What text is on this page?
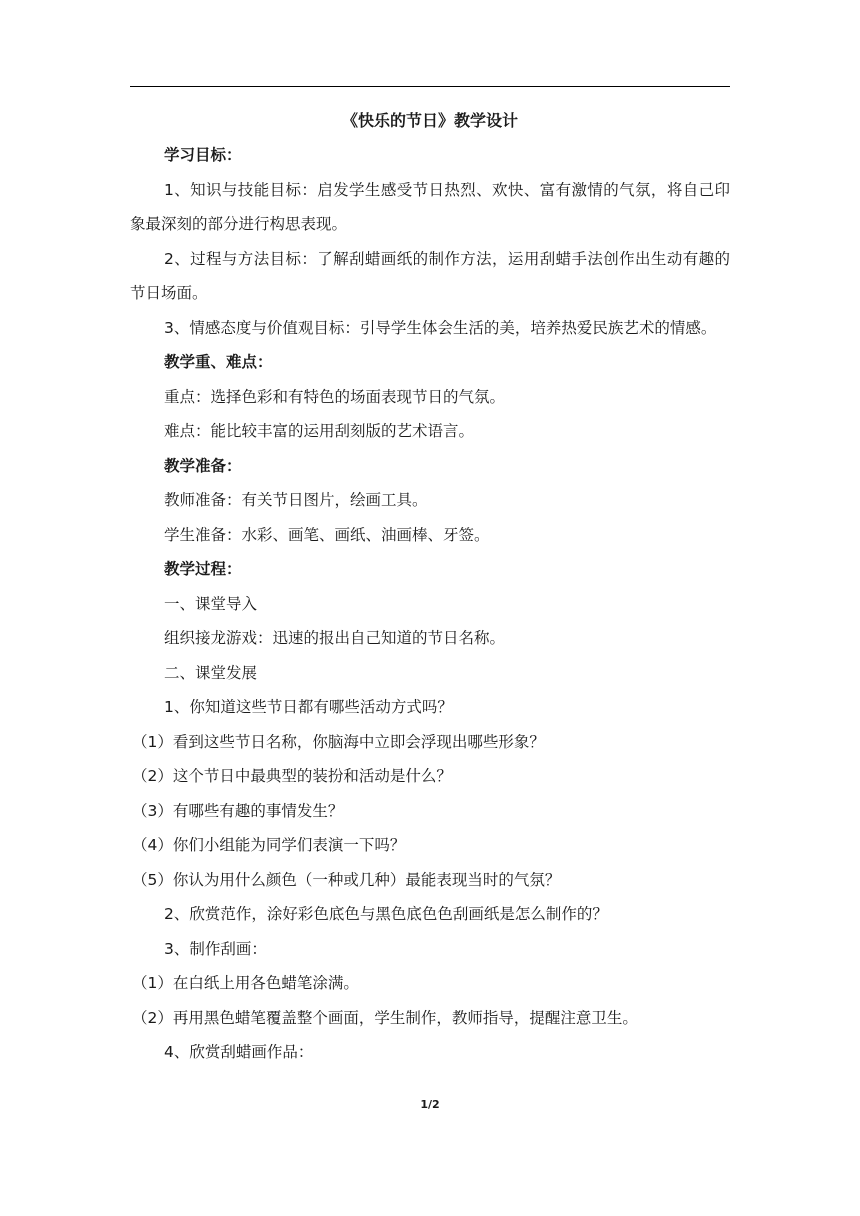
《快乐的节日》教学设计

学习目标：

1、知识与技能目标：启发学生感受节日热烈、欢快、富有激情的气氛，将自己印象最深刻的部分进行构思表现。

2、过程与方法目标：了解刮蜡画纸的制作方法，运用刮蜡手法创作出生动有趣的节日场面。

3、情感态度与价值观目标：引导学生体会生活的美，培养热爱民族艺术的情感。

教学重、难点：

重点：选择色彩和有特色的场面表现节日的气氛。

难点：能比较丰富的运用刮刻版的艺术语言。

教学准备：

教师准备：有关节日图片，绘画工具。

学生准备：水彩、画笔、画纸、油画棒、牙签。

教学过程：

一、课堂导入

组织接龙游戏：迅速的报出自己知道的节日名称。

二、课堂发展

1、你知道这些节日都有哪些活动方式吗？

（1）看到这些节日名称，你脑海中立即会浮现出哪些形象？

（2）这个节日中最典型的装扮和活动是什么？

（3）有哪些有趣的事情发生？

（4）你们小组能为同学们表演一下吗？

（5）你认为用什么颜色（一种或几种）最能表现当时的气氛？

2、欣赏范作，涂好彩色底色与黑色底色色刮画纸是怎么制作的？

3、制作刮画：

（1）在白纸上用各色蜡笔涂满。

（2）再用黑色蜡笔覆盖整个画面，学生制作，教师指导，提醒注意卫生。

4、欣赏刮蜡画作品：

1/2
